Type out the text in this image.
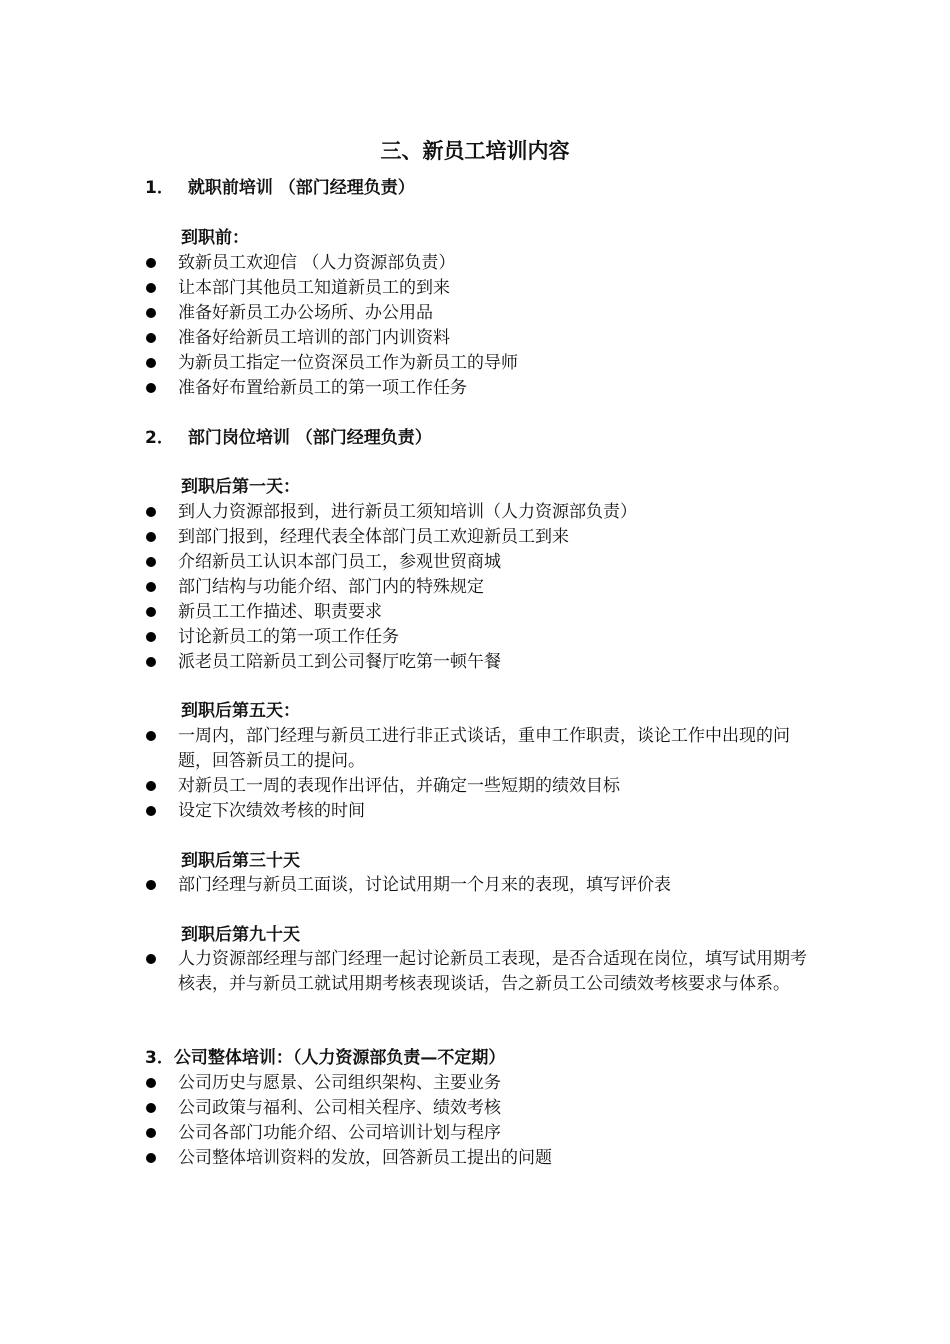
三、新员工培训内容
1． 就职前培训 （部门经理负责）
到职前：
致新员工欢迎信 （人力资源部负责）
让本部门其他员工知道新员工的到来
准备好新员工办公场所、办公用品
准备好给新员工培训的部门内训资料
为新员工指定一位资深员工作为新员工的导师
准备好布置给新员工的第一项工作任务
2． 部门岗位培训 （部门经理负责）
到职后第一天：
到人力资源部报到，进行新员工须知培训（人力资源部负责）
到部门报到，经理代表全体部门员工欢迎新员工到来
介绍新员工认识本部门员工，参观世贸商城
部门结构与功能介绍、部门内的特殊规定
新员工工作描述、职责要求
讨论新员工的第一项工作任务
派老员工陪新员工到公司餐厅吃第一顿午餐
到职后第五天：
一周内，部门经理与新员工进行非正式谈话，重申工作职责，谈论工作中出现的问题，回答新员工的提问。
对新员工一周的表现作出评估，并确定一些短期的绩效目标
设定下次绩效考核的时间
到职后第三十天
部门经理与新员工面谈，讨论试用期一个月来的表现，填写评价表
到职后第九十天
人力资源部经理与部门经理一起讨论新员工表现，是否合适现在岗位，填写试用期考核表，并与新员工就试用期考核表现谈话，告之新员工公司绩效考核要求与体系。
3．公司整体培训：（人力资源部负责—不定期）
公司历史与愿景、公司组织架构、主要业务
公司政策与福利、公司相关程序、绩效考核
公司各部门功能介绍、公司培训计划与程序
公司整体培训资料的发放，回答新员工提出的问题
